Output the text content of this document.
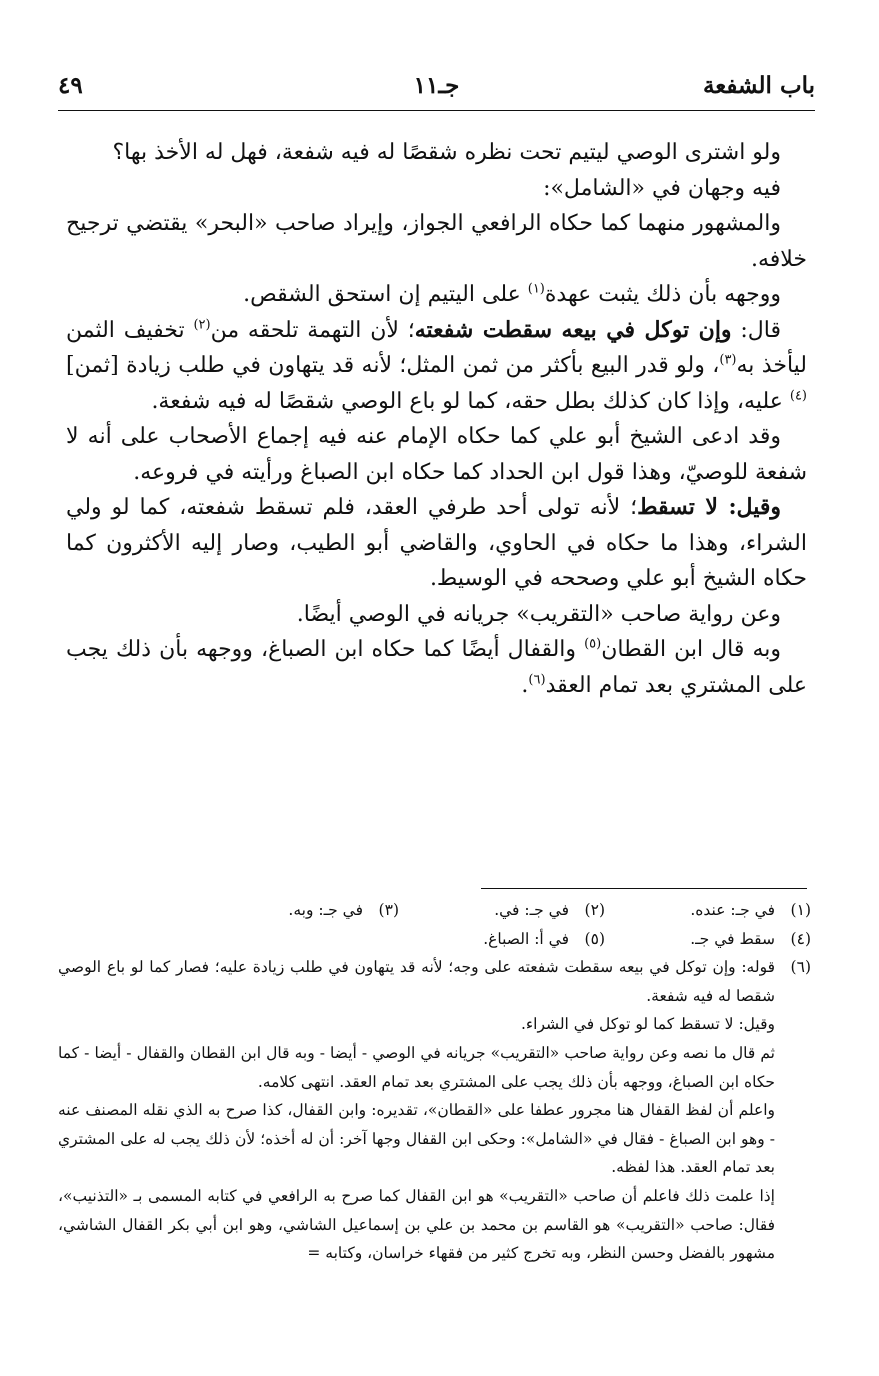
باب الشفعة
جـ١١
٤٩

ولو اشترى الوصي ليتيم تحت نظره شقصًا له فيه شفعة، فهل له الأخذ بها؟

فيه وجهان في «الشامل»:

والمشهور منهما كما حكاه الرافعي الجواز، وإيراد صاحب «البحر» يقتضي ترجيح خلافه.

ووجهه بأن ذلك يثبت عهدة$^{(١)}$ على اليتيم إن استحق الشقص.

قال: وإن توكل في بيعه سقطت شفعته؛ لأن التهمة تلحقه من$^{(٢)}$ تخفيف الثمن ليأخذ به$^{(٣)}$، ولو قدر البيع بأكثر من ثمن المثل؛ لأنه قد يتهاون في طلب زيادة [ثمن]$^{(٤)}$ عليه، وإذا كان كذلك بطل حقه، كما لو باع الوصي شقصًا له فيه شفعة.

وقد ادعى الشيخ أبو علي كما حكاه الإمام عنه فيه إجماع الأصحاب على أنه لا شفعة للوصيّ، وهذا قول ابن الحداد كما حكاه ابن الصباغ ورأيته في فروعه.

وقيل: لا تسقط؛ لأنه تولى أحد طرفي العقد، فلم تسقط شفعته، كما لو ولي الشراء، وهذا ما حكاه في الحاوي، والقاضي أبو الطيب، وصار إليه الأكثرون كما حكاه الشيخ أبو علي وصححه في الوسيط.

وعن رواية صاحب «التقريب» جريانه في الوصي أيضًا.

وبه قال ابن القطان$^{(٥)}$ والقفال أيضًا كما حكاه ابن الصباغ، ووجهه بأن ذلك يجب على المشتري بعد تمام العقد$^{(٦)}$.

(١)في جـ: عنده.
(٢)في جـ: في.
(٣)في جـ: وبه.
(٤)سقط في جـ.
(٥)في أ: الصباغ.
(٦)
قوله: وإن توكل في بيعه سقطت شفعته على وجه؛ لأنه قد يتهاون في طلب زيادة عليه؛ فصار كما لو باع الوصي شقصا له فيه شفعة.
وقيل: لا تسقط كما لو توكل في الشراء.
ثم قال ما نصه وعن رواية صاحب «التقريب» جريانه في الوصي - أيضا - وبه قال ابن القطان والقفال - أيضا - كما حكاه ابن الصباغ، ووجهه بأن ذلك يجب على المشتري بعد تمام العقد. انتهى كلامه.
واعلم أن لفظ القفال هنا مجرور عطفا على «القطان»، تقديره: وابن القفال، كذا صرح به الذي نقله المصنف عنه - وهو ابن الصباغ - فقال في «الشامل»: وحكى ابن القفال وجها آخر: أن له أخذه؛ لأن ذلك يجب له على المشتري بعد تمام العقد. هذا لفظه.
إذا علمت ذلك فاعلم أن صاحب «التقريب» هو ابن القفال كما صرح به الرافعي في كتابه المسمى بـ «التذنيب»، فقال: صاحب «التقريب» هو القاسم بن محمد بن علي بن إسماعيل الشاشي، وهو ابن أبي بكر القفال الشاشي، مشهور بالفضل وحسن النظر، وبه تخرج كثير من فقهاء خراسان، وكتابه =
